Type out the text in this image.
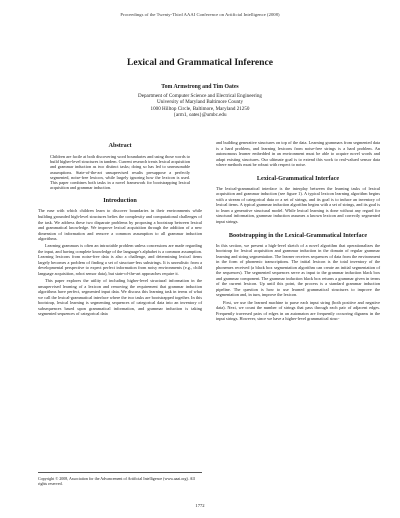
Proceedings of the Twenty-Third AAAI Conference on Artificial Intelligence (2008)
Lexical and Grammatical Inference
Tom Armstrong and Tim Oates
Department of Computer Science and Electrical Engineering
University of Maryland Baltimore County
1000 Hilltop Circle, Baltimore, Maryland 21250
{arm1, oates}@umbc.edu
Abstract
Children are facile at both discovering word boundaries and using those words to build higher-level structures in tandem. Current research treats lexical acquisition and grammar induction as two distinct tasks; doing so has led to unreasonable assumptions. State-of-the-art unsupervised results presuppose a perfectly segmented, noise-free lexicon, while largely ignoring how the lexicon is used. This paper combines both tasks in a novel framework for bootstrapping lexical acquisition and grammar induction.
Introduction

The ease with which children learn to discover boundaries in their environments while building grounded high-level structures belies the complexity and computational challenges of the task. We address these two disparate problems by proposing a bootstrap between lexical and grammatical knowledge. We improve lexical acquisition through the addition of a new dimension of information and remove a common assumption to all grammar induction algorithms.

Learning grammars is often an intractable problem unless concessions are made regarding the input, and having complete knowledge of the language's alphabet is a common assumption. Learning lexicons from noise-free data is also a challenge, and determining lexical items largely becomes a problem of finding a set of structure-less substrings. It is unrealistic from a developmental perspective to expect perfect information from noisy environments (e.g., child language acquisition, robot sensor data), but state-of-the-art approaches require it.

This paper explores the utility of including higher-level structural information in the unsupervised learning of a lexicon and removing the requirement that grammar induction algorithms have perfect, segmented input data. We discuss this learning task in terms of what we call the lexical-grammatical interface where the two tasks are bootstrapped together. In this bootstrap, lexical learning is segmenting sequences of categorical data into an inventory of subsequences based upon grammatical information, and grammar induction is taking segmented sequences of categorical data

Copyright © 2008, Association for the Advancement of Artificial Intelligence (www.aaai.org). All rights reserved.

and building generative structures on top of the data. Learning grammars from segmented data is a hard problem, and learning lexicons from noise-free strings is a hard problem. An autonomous learner embedded in an environment must be able to acquire novel words and adapt existing structures. Our ultimate goal is to extend this work to real-valued sensor data where methods must be robust with respect to noise.

Lexical-Grammatical Interface

The lexical-grammatical interface is the interplay between the learning tasks of lexical acquisition and grammar induction (see figure 1). A typical lexicon learning algorithm begins with a stream of categorical data or a set of strings, and its goal is to induce an inventory of lexical items. A typical grammar induction algorithm begins with a set of strings, and its goal is to learn a generative structural model. While lexical learning is done without any regard for structural information, grammar induction assumes a known lexicon and correctly segmented input strings.

Bootstrapping in the Lexical-Grammatical Interface

In this section, we present a high-level sketch of a novel algorithm that operationalizes the bootstrap for lexical acquisition and grammar induction in the domain of regular grammar learning and string segmentation. The learner receives sequences of data from the environment in the form of phonemic transcriptions. The initial lexicon is the total inventory of the phonemes received (a black box segmentation algorithm can create an initial segmentation of the sequences). The segmented sequences serve as input to the grammar induction black box and grammar component. The grammar induction black box returns a grammar given in terms of the current lexicon. Up until this point, the process is a standard grammar induction pipeline. The question is how to use learned grammatical structures to improve the segmentation and, in turn, improve the lexicon.

First, we use the learned machine to parse each input string (both positive and negative data). Next, we count the number of strings that pass through each pair of adjacent edges. Frequently traversed pairs of edges in an automaton are frequently occurring digrams in the input strings. However, since we have a higher-level grammatical struc-

1772
